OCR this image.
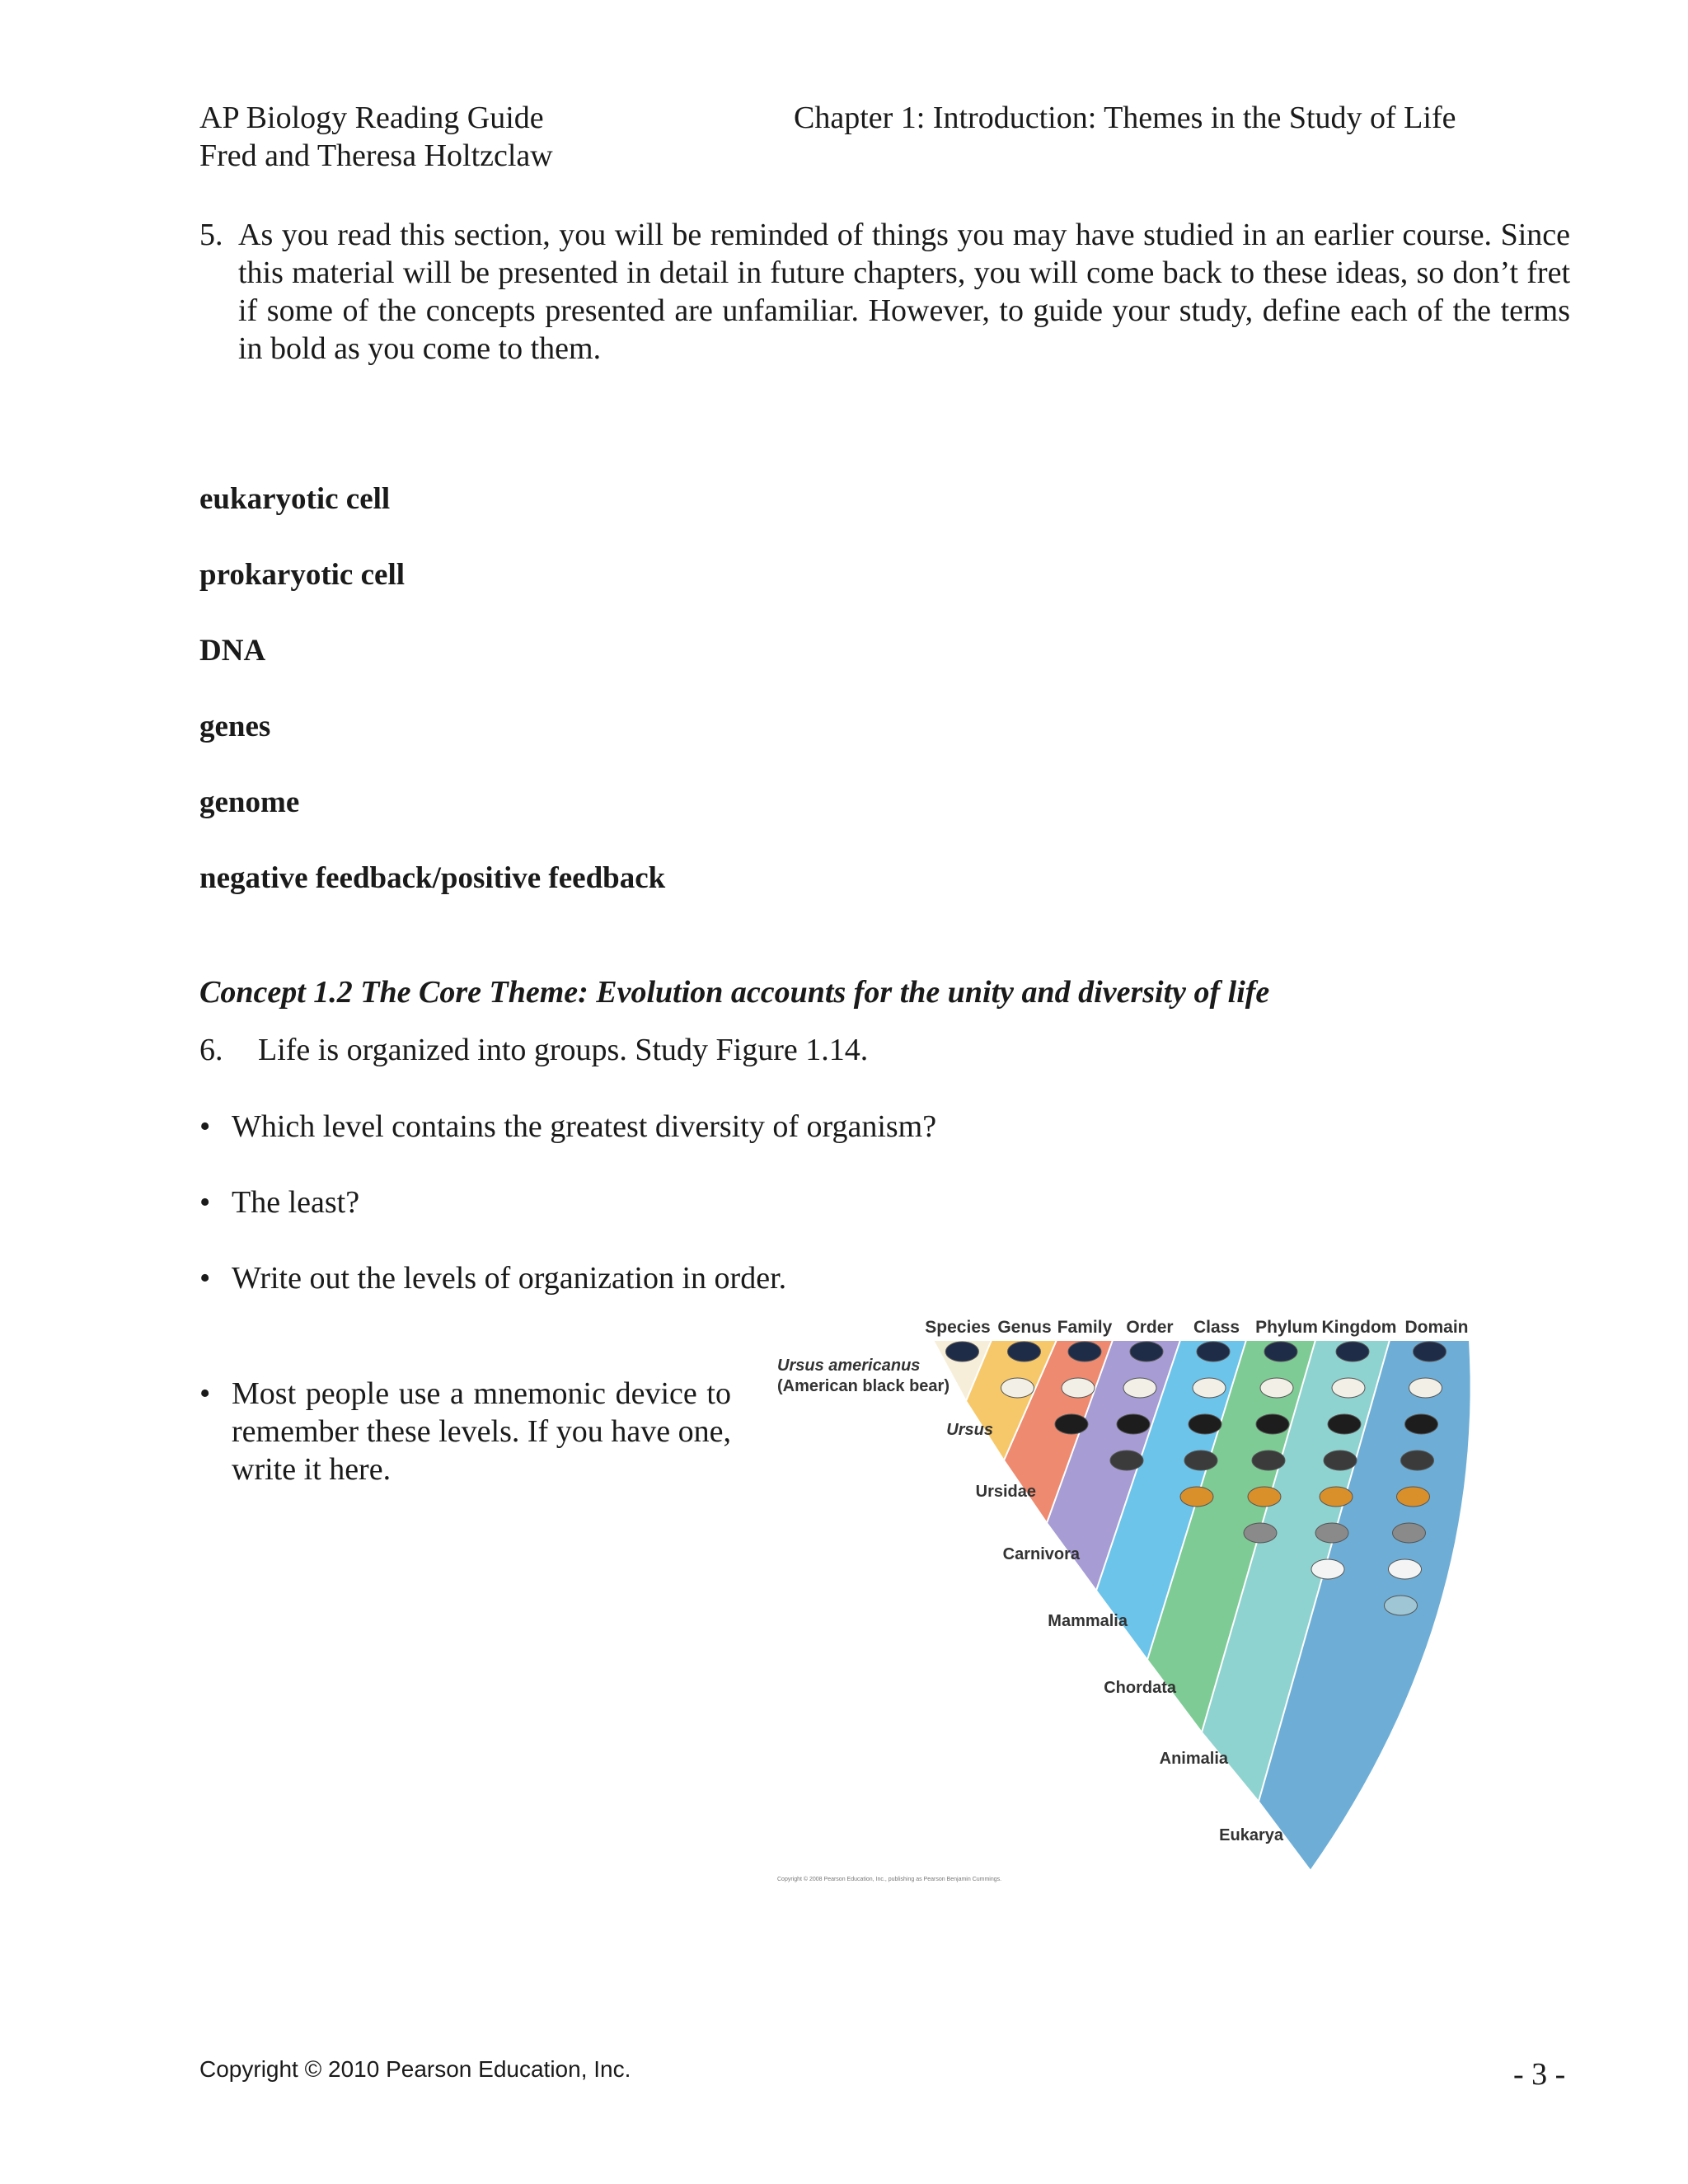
AP Biology Reading Guide
Fred and Theresa Holtzclaw
Chapter 1: Introduction: Themes in the Study of Life
5. As you read this section, you will be reminded of things you may have studied in an earlier course. Since this material will be presented in detail in future chapters, you will come back to these ideas, so don’t fret if some of the concepts presented are unfamiliar. However, to guide your study, define each of the terms in bold as you come to them.
eukaryotic cell
prokaryotic cell
DNA
genes
genome
negative feedback/positive feedback
Concept 1.2 The Core Theme: Evolution accounts for the unity and diversity of life
6. Life is organized into groups. Study Figure 1.14.
• Which level contains the greatest diversity of organism?
• The least?
• Write out the levels of organization in order.
• Most people use a mnemonic device to remember these levels. If you have one, write it here.
Species Genus Family Order Class Phylum Kingdom Domain
Ursus americanus
(American black bear)
Ursus
Ursidae
Carnivora
Mammalia
Chordata
Animalia
Eukarya
Copyright © 2008 Pearson Education, Inc., publishing as Pearson Benjamin Cummings.
Copyright © 2010 Pearson Education, Inc.	- 3 -
